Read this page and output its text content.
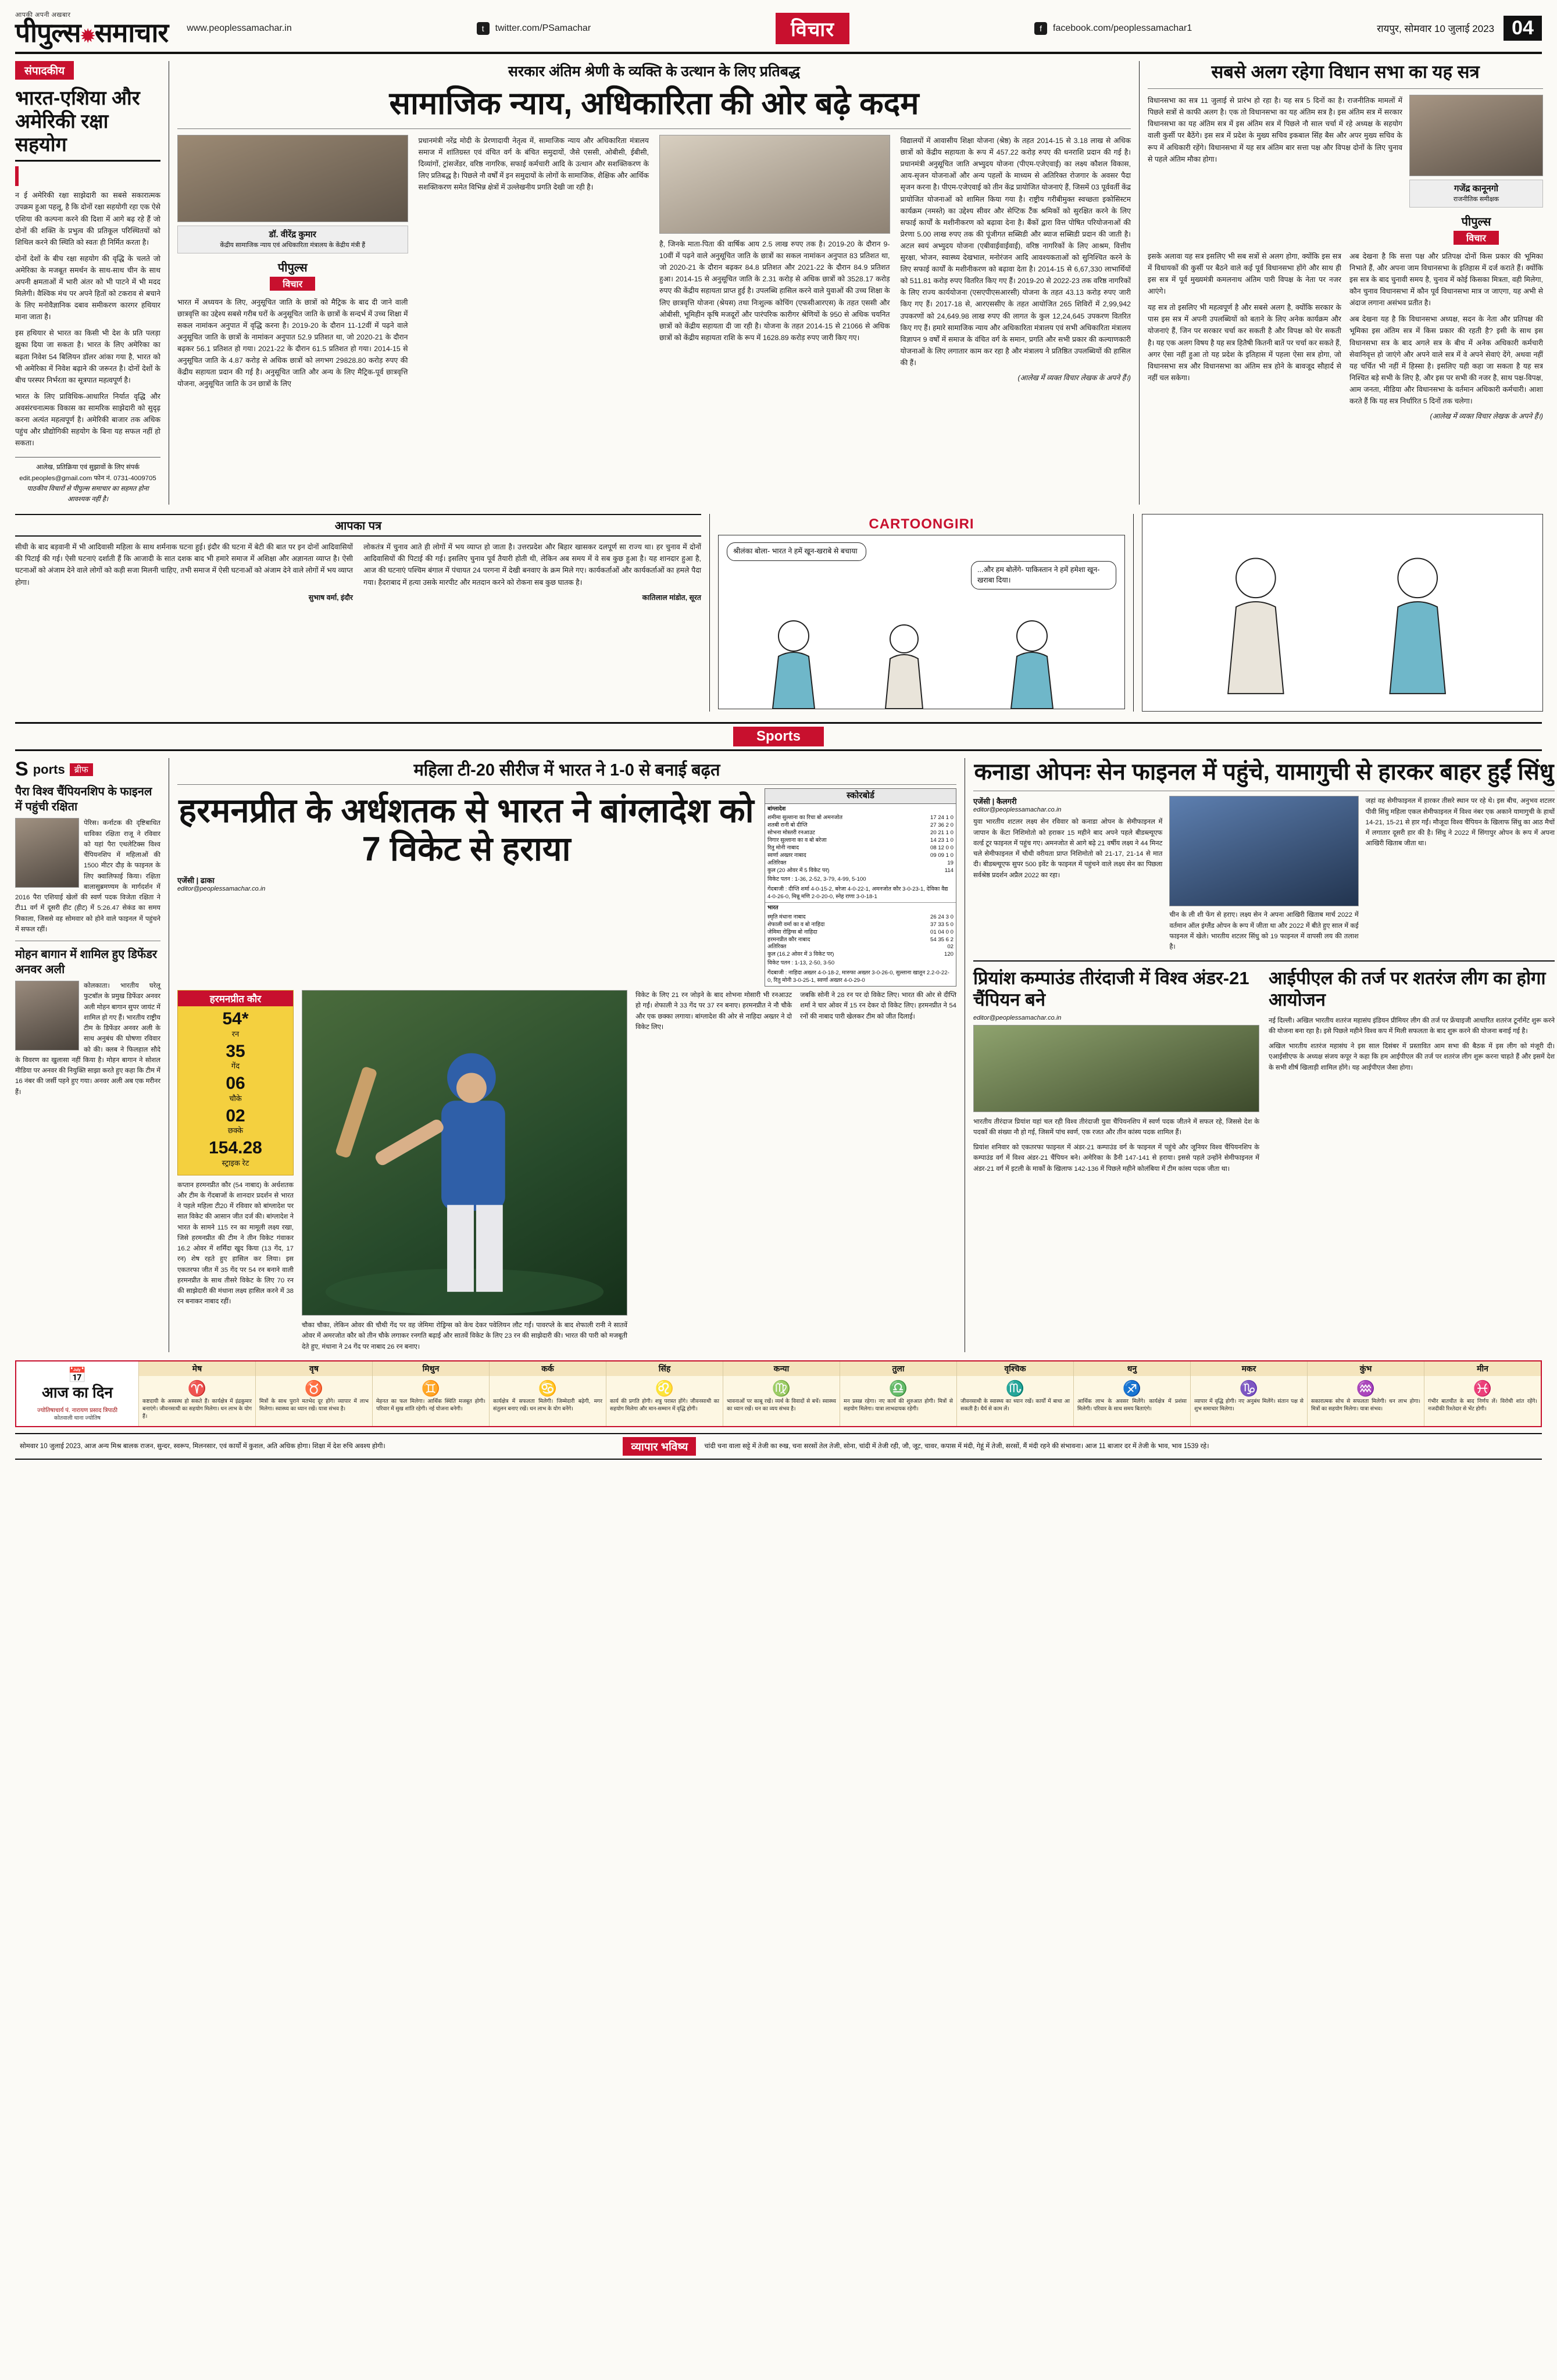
आपकी अपनी अखबार
पीपुल्स✹समाचार www.peoplessamachar.in	t	twitter.com/PSamachar	विचार	f	facebook.com/peoplessamachar1	रायपुर, सोमवार 10 जुलाई 2023 04
संपादकीय
भारत-एशिया और अमेरिकी रक्षा सहयोग
न ई अमेरिकी रक्षा साझेदारी का सबसे सकारात्मक उपक्रम हुआ पहलू, है कि दोनों रक्षा सहयोगी रहा एक ऐसे एशिया की कल्पना करने की दिशा में आगे बढ़ रहे हैं जो दोनों की शक्ति के प्रभुत्व की प्रतिकूल परिस्थितयों को शिथिल करने की स्थिति को स्वतः ही निर्मित करता है।
दोनों देशों के बीच रक्षा सहयोग की वृद्धि के चलते जो अमेरिका के मजबूत समर्थन के साथ-साथ चीन के साथ अपनी क्षमताओं में भारी अंतर को भी पाटने में भी मदद मिलेगी। वैश्विक मंच पर अपने हितों को टकराव से बचाने के लिए मनोवैज्ञानिक दबाव समीकरण कारगर हथियार माना जाता है।
इस हथियार से भारत का किसी भी देश के प्रति पलड़ा झुका दिया जा सकता है। भारत के लिए अमेरिका का बढ़ता निवेश 54 बिलियन डॉलर आंका गया है, भारत को भी अमेरिका में निवेश बढ़ाने की जरूरत है। दोनों देशों के बीच परस्पर निर्भरता का सूत्रपात महत्वपूर्ण है।
भारत के लिए प्राविधिक-आधारित निर्यात वृद्धि और अवसंरचनात्मक विकास का सामरिक साझेदारी को सुदृढ़ करना अत्यंत महत्वपूर्ण है। अमेरिकी बाजार तक अधिक पहुंच और प्रौद्योगिकी सहयोग के बिना यह सफल नहीं हो सकता।
आलेख, प्रतिक्रिया एवं सुझावों के लिए संपर्क
edit.peoples@gmail.com फोन नं. 0731-4009705
पाठकीय विचारों से पीपुल्स समाचार का सहमत होना आवश्यक नहीं है।
सरकार अंतिम श्रेणी के व्यक्ति के उत्थान के लिए प्रतिबद्ध
सामाजिक न्याय, अधिकारिता की ओर बढ़े कदम
डॉ. वीरेंद्र कुमार
केंद्रीय सामाजिक न्याय एवं अधिकारिता मंत्रालय के केंद्रीय मंत्री हैं
पीपुल्स
विचार
भारत में अध्ययन के लिए, अनुसूचित जाति के छात्रों को मैट्रिक के बाद दी जाने वाली छात्रवृत्ति का उद्देश्य सबसे गरीब घरों के अनुसूचित जाति के छात्रों के सन्दर्भ में उच्च शिक्षा में सकल नामांकन अनुपात में वृद्धि करना है। 2019-20 के दौरान 11-12वीं में पढ़ने वाले अनुसूचित जाति के छात्रों के नामांकन अनुपात 52.9 प्रतिशत था, जो 2020-21 के दौरान बढ़कर 56.1 प्रतिशत हो गया। 2021-22 के दौरान 61.5 प्रतिशत हो गया। 2014-15 से अनुसूचित जाति के 4.87 करोड़ से अधिक छात्रों को लगभग 29828.80 करोड़ रुपए की केंद्रीय सहायता प्रदान की गई है। अनुसूचित जाति और अन्य के लिए मैट्रिक-पूर्व छात्रवृत्ति योजना, अनुसूचित जाति के उन छात्रों के लिए
प्रधानमंत्री नरेंद्र मोदी के प्रेरणादायी नेतृत्व में, सामाजिक न्याय और अधिकारिता मंत्रालय समाज में शांतिग्रस्त एवं वंचित वर्ग के बंचित समुदायों, जैसे एससी, ओबीसी, ईबीसी, दिव्यांगों, ट्रांसजेंडर, वरिष्ठ नागरिक, सफाई कर्मचारी आदि के उत्थान और सशक्तिकरण के लिए प्रतिबद्ध है। पिछले नौ वर्षों में इन समुदायों के लोगों के सामाजिक, शैक्षिक और आर्थिक सशक्तिकरण समेत विभिन्न क्षेत्रों में उल्लेखनीय प्रगति देखी जा रही है।
है, जिनके माता-पिता की वार्षिक आय 2.5 लाख रुपए तक है। 2019-20 के दौरान 9-10वीं में पढ़ने वाले अनुसूचित जाति के छात्रों का सकल नामांकन अनुपात 83 प्रतिशत था, जो 2020-21 के दौरान बढ़कर 84.8 प्रतिशत और 2021-22 के दौरान 84.9 प्रतिशत हुआ। 2014-15 से अनुसूचित जाति के 2.31 करोड़ से अधिक छात्रों को 3528.17 करोड़ रुपए की केंद्रीय सहायता प्राप्त हुई है। उपलब्धि हासिल करने वाले युवाओं की उच्च शिक्षा के लिए छात्रवृत्ति योजना (श्रेयस) तथा निःशुल्क कोचिंग (एफसीआरएस) के तहत एससी और ओबीसी, भूमिहीन कृषि मजदूरों और पारंपरिक कारीगर श्रेणियों के 950 से अधिक चयनित छात्रों को केंद्रीय सहायता दी जा रही है। योजना के तहत 2014-15 से 21066 से अधिक छात्रों को केंद्रीय सहायता राशि के रूप में 1628.89 करोड़ रुपए जारी किए गए।
विद्यालयों में आवासीय शिक्षा योजना (श्रेष्ठ) के तहत 2014-15 से 3.18 लाख से अधिक छात्रों को केंद्रीय सहायता के रूप में 457.22 करोड़ रुपए की धनराशि प्रदान की गई है। प्रधानमंत्री अनुसूचित जाति अभ्युदय योजना (पीएम-एजेएवाई) का लक्ष्य कौशल विकास, आय-सृजन योजनाओं और अन्य पहलों के माध्यम से अतिरिक्त रोजगार के अवसर पैदा सृजन करना है। पीएम-एजेएवाई को तीन केंद्र प्रायोजित योजनाएं हैं, जिसमें 03 पूर्ववर्ती केंद्र प्रायोजित योजनाओं को शामिल किया गया है। राष्ट्रीय गरीबीमुक्त स्वच्छता इकोसिस्टम कार्यक्रम (नमस्ते) का उद्देश्य सीवर और सेप्टिक टैंक श्रमिकों को सुरक्षित करने के लिए सफाई कार्यों के मशीनीकरण को बढ़ावा देना है। बैंकों द्वारा वित्त पोषित परियोजनाओं की प्रेरणा 5.00 लाख रुपए तक की पूंजीगत सब्सिडी और ब्याज सब्सिडी प्रदान की जाती है। अटल स्वयं अभ्युदय योजना (एबीवाईवाईवाई), वरिष्ठ नागरिकों के लिए आश्रम, वित्तीय सुरक्षा, भोजन, स्वास्थ्य देखभाल, मनोरंजन आदि आवश्यकताओं को सुनिश्चित करने के लिए सफाई कार्यों के मशीनीकरण को बढ़ावा देता है। 2014-15 से 6,67,330 लाभार्थियों को 511.81 करोड़ रुपए वितरित किए गए हैं। 2019-20 से 2022-23 तक वरिष्ठ नागरिकों के लिए राज्य कार्ययोजना (एसएपीएसआरसी) योजना के तहत 43.13 करोड़ रुपए जारी किए गए हैं। 2017-18 से, आरएससीए के तहत आयोजित 265 शिविरों में 2,99,942 उपकरणों को 24,649.98 लाख रुपए की लागत के कुल 12,24,645 उपकरण वितरित किए गए हैं। हमारे सामाजिक न्याय और अधिकारिता मंत्रालय एवं सभी अधिकारिता मंत्रालय विज्ञापन 9 वर्षों में समाज के वंचित वर्ग के समान, प्रगति और सभी प्रकार की कल्याणकारी योजनाओं के लिए लगातार काम कर रहा है और मंत्रालय ने प्रतिष्ठित उपलब्धियों की हासिल की हैं।
(आलेख में व्यक्त विचार लेखक के अपने हैं।)
सबसे अलग रहेगा विधान सभा का यह सत्र
विधानसभा का सत्र 11 जुलाई से प्रारंभ हो रहा है। यह सत्र 5 दिनों का है। राजनीतिक मामलों में पिछले सत्रों से काफी अलग है। एक तो विधानसभा का यह अंतिम सत्र है। इस अंतिम सत्र में सरकार विधानसभा का यह अंतिम सत्र में इस अंतिम सत्र में पिछले नौ साल चर्चा में रहे अध्यक्ष के सहयोग वाली कुर्सी पर बैठेंगे। इस सत्र में प्रदेश के मुख्य सचिव इकबाल सिंह बैस और अपर मुख्य सचिव के रूप में अधिकारी रहेंगे। विधानसभा में यह सत्र अंतिम बार सत्ता पक्ष और विपक्ष दोनों के लिए चुनाव से पहले अंतिम मौका होगा।
गजेंद्र कानूनगो
राजनीतिक समीक्षक
पीपुल्स
विचार
इसके अलावा यह सत्र इसलिए भी सब सत्रों से अलग होगा, क्योंकि इस सत्र में विधायकों की कुर्सी पर बैठने वाले कई पूर्व विधानसभा होंगे और साथ ही इस सत्र में पूर्व मुख्यमंत्री कमलनाथ अंतिम पारी विपक्ष के नेता पर नजर आएंगे।
यह सत्र तो इसलिए भी महत्वपूर्ण है और सबसे अलग है, क्योंकि सरकार के पास इस सत्र में अपनी उपलब्धियों को बताने के लिए अनेक कार्यक्रम और योजनाएं हैं, जिन पर सरकार चर्चा कर सकती है और विपक्ष को घेर सकती है। यह एक अलग विषय है यह सत्र हितैषी कितनी बातें पर चर्चा कर सकते हैं, अगर ऐसा नहीं हुआ तो यह प्रदेश के इतिहास में पहला ऐसा सत्र होगा, जो विधानसभा सत्र और विधानसभा का अंतिम सत्र होने के बावजूद सौहार्द से नहीं चल सकेगा।
अब देखना है कि सत्ता पक्ष और प्रतिपक्ष दोनों किस प्रकार की भूमिका निभाते हैं, और अपना जाम विधानसभा के इतिहास में दर्ज कराते हैं। क्योंकि इस सत्र के बाद चुनावी समय है, चुनाव में कोई किसका मित्रता, वही मिलेगा, कौन चुनाव विधानसभा में कौन पूर्व विधानसभा मात्र ज जाएगा, यह अभी से अंदाज लगाना असंभव प्रतीत है।
अब देखना यह है कि विधानसभा अध्यक्ष, सदन के नेता और प्रतिपक्ष की भूमिका इस अंतिम सत्र में किस प्रकार की रहती है? इसी के साथ इस विधानसभा सत्र के बाद अगले सत्र के बीच में अनेक अधिकारी कर्मचारी सेवानिवृत्त हो जाएंगे और अपने वाले सत्र में वे अपने सेवाएं देंगे, अथवा नहीं यह चर्चित भी नहीं में हिस्सा है। इसलिए यही कहा जा सकता है यह सत्र निश्चित बड़े सभी के लिए है, और इस पर सभी की नजर है, साथ पक्ष-विपक्ष, आम जनता, मीडिया और विधानसभा के वर्तमान अधिकारी कर्मचारी। आशा करते हैं कि यह सत्र निर्धारित 5 दिनों तक चलेगा।
(आलेख में व्यक्त विचार लेखक के अपने हैं।)
आपका पत्र
सीधी के बाद बड़वानी में भी आदिवासी महिला के साथ शर्मनाक घटना हुई। इंदौर की घटना में बेटी की बात पर इन दोनों आदिवासियों की पिटाई की गई। ऐसी घटनाएं दर्शाती हैं कि आजादी के सात दशक बाद भी हमारे समाज में अशिक्षा और अज्ञानता व्याप्त है। ऐसी घटनाओं को अंजाम देने वाले लोगों को कड़ी सजा मिलनी चाहिए, तभी समाज में ऐसी घटनाओं को अंजाम देने वाले लोगों में भय व्याप्त होगा।
सुभाष वर्मा, इंदौर
लोकतंत्र में चुनाव आते ही लोगों में भय व्याप्त हो जाता है। उत्तरप्रदेश और बिहार खासकर दलपूर्ण सा राज्य था। हर चुनाव में दोनों आदिवासियों की पिटाई की गई। इसलिए चुनाव पूर्व तैयारी होती थी, लेकिन अब समय में वे सब कुछ हुआ है। यह शानदार हुआ है, आज की घटनाएं पश्चिम बंगाल में पंचायत 24 परगना में देखी बनवाए के क्रम मिले गए। कार्यकर्ताओं और कार्यकर्ताओं का हमले पैदा गया। हैदराबाद में हत्या उसके मारपीट और मतदान करने को रोकना सब कुछ घातक है।
कातिलाल मांडोत, सूरत
CARTOONGIRI
श्रीलंका बोला- भारत ने हमें खून-खराबे से बचाया
...और हम बोलेंगे- पाकिस्तान ने हमें हमेशा खून-खराबा दिया।
Sports
S ports	ब्रीफ
पैरा विश्व चैंपियनशिप के फाइनल में पहुंची रक्षिता
पेरिस। कर्नाटक की दृष्टिबाधित धाविका रक्षिता राजू ने रविवार को यहां पैरा एथलेटिक्स विश्व चैंपियनशिप में महिलाओं की 1500 मीटर दौड़ के फाइनल के लिए क्वालिफाई किया। रक्षिता बालासुब्रमण्यम के मार्गदर्शन में 2016 पैरा एशियाई खेलों की स्वर्ण पदक विजेता रक्षिता ने टी11 वर्ग में दूसरी हीट (हीट) में 5:26.47 सेकंड का समय निकाला, जिससे वह सोमवार को होने वाले फाइनल में पहुंचने में सफल रहीं।
मोहन बागान में शामिल हुए डिफेंडर अनवर अली
कोलकाता। भारतीय घरेलू फुटबॉल के प्रमुख डिफेंडर अनवर अली मोहन बागान सुपर जायंट में शामिल हो गए हैं। भारतीय राष्ट्रीय टीम के डिफेंडर अनवर अली के साथ अनुबंध की घोषणा रविवार को की। क्लब ने फिलहाल सौदे के विवरण का खुलासा नहीं किया है। मोहन बागान ने सोशल मीडिया पर अनवर की नियुक्ति साझा करते हुए कहा कि टीम में 16 नंबर की जर्सी पहने हुए गया। अनवर अली अब एक मरीनर हैं।
महिला टी-20 सीरीज में भारत ने 1-0 से बनाई बढ़त
हरमनप्रीत के अर्धशतक से भारत ने बांग्लादेश को 7 विकेट से हराया
एजेंसी | ढाका
editor@peoplessamachar.co.in
स्कोरबोर्ड
बांग्लादेश
शमीमा सुल्ताना का रिचा बो अमनजोत	17 24 1 0
शतबी रानी बो दीप्ति	27 36 2 0
सोभना मोस्तरी रनआउट	20 21 1 0
निगार सुल्ताना का व बो बरेजा	14 23 1 0
रितु मोनी नाबाद	08 12 0 0
स्वर्णा अख्तर नाबाद	09 09 1 0
अतिरिक्त	19
कुल (20 ओवर में 5 विकेट पर)	114
विकेट पतन : 1-36, 2-52, 3-79, 4-99, 5-100
गेंदबाजी : दीप्ति शर्मा 4-0-15-2, बरेजा 4-0-22-1, अमनजोत कौर 3-0-23-1, देविका वैद्य 4-0-26-0, मिन्नू मणि 2-0-20-0, स्नेह राणा 3-0-18-1
भारत
स्मृति मंधाना नाबाद	26 24 3 0
शेफाली वर्मा का व बो नाहिदा	37 33 5 0
जेमिमा रोड्रिग्स बो नाहिदा	01 04 0 0
हरमनप्रीत कौर नाबाद	54 35 6 2
अतिरिक्त	02
कुल (16.2 ओवर में 3 विकेट पर)	120
विकेट पतन : 1-13, 2-50, 3-50
गेंदबाजी : नाहिदा अख्तर 4-0-18-2, मारुफा अख्तर 3-0-26-0, सुल्ताना खातून 2.2-0-22-0, रितु मोनी 3-0-25-1, स्वर्णा अख्तर 4-0-29-0
हरमनप्रीत कौर
54*
रन
35
गेंद
06
चौके
02
छक्के
154.28
स्ट्राइक रेट
कप्तान हरमनप्रीत कौर (54 नाबाद) के अर्धशतक और टीम के गेंदबाजों के शानदार प्रदर्शन से भारत ने पहले महिला टी20 में रविवार को बांग्लादेश पर सात विकेट की आसान जीत दर्ज की। बांग्लादेश ने भारत के सामने 115 रन का मामूली लक्ष्य रखा, जिसे हरमनप्रीत की टीम ने तीन विकेट गंवाकर 16.2 ओवर में शर्मिंदा खुद किया (13 गेंद, 17 रन) शेष रहते हुए हासिल कर लिया। इस एकतरफा जीत में 35 गेंद पर 54 रन बनाने वाली हरमनप्रीत के साथ तीसरे विकेट के लिए 70 रन की साझेदारी की मंधाना लक्ष्य हासिल करने में 38 रन बनाकर नाबाद रहीं।
चौका चौका, लेकिन ओवर की चौथी गेंद पर वह जेमिमा रोड्रिग्स को केच देकर पवेलियन लौट गईं। पावरप्ले के बाद शेफाली रानी ने सातवें ओवर में अमरजोत कौर को तीन चौके लगाकर रनगति बढ़ाई और सातवें विकेट के लिए 23 रन की साझेदारी की। भारत की पारी को मजबूती देते हुए, मंधाना ने 24 गेंद पर नाबाद 26 रन बनाए।
विकेट के लिए 21 रन जोड़ने के बाद शोभना मोसारी भी रनआउट हो गईं। शेफाली ने 33 गेंद पर 37 रन बनाए। हरमनप्रीत ने नौ चौके और एक छक्का लगाया। बांग्लादेश की ओर से नाहिदा अख्तर ने दो विकेट लिए।
जबकि सोनी ने 28 रन पर दो विकेट लिए। भारत की ओर से दीप्ति शर्मा ने चार ओवर में 15 रन देकर दो विकेट लिए। हरमनप्रीत ने 54 रनों की नाबाद पारी खेलकर टीम को जीत दिलाई।
कनाडा ओपनः सेन फाइनल में पहुंचे, यामागुची से हारकर बाहर हुईं सिंधु
एजेंसी | कैलगरी
editor@peoplessamachar.co.in
युवा भारतीय शटलर लक्ष्य सेन रविवार को कनाडा ओपन के सेमीफाइनल में जापान के केंटा निशिमोतो को हराकर 15 महीने बाद अपने पहले बीडब्ल्यूएफ वर्ल्ड टूर फाइनल में पहुंच गए। अमनजोत से आगे बढ़े 21 वर्षीय लक्ष्य ने 44 मिनट चले सेमीफाइनल में चौथी वरीयता प्राप्त निशिमोतो को 21-17, 21-14 से मात दी। बीडब्ल्यूएफ सुपर 500 इवेंट के फाइनल में पहुंचने वाले लक्ष्य सेन का पिछला सर्वश्रेष्ठ प्रदर्शन अप्रैल 2022 का रहा।
चीन के ली शी फेंग से हराए। लक्ष्य सेन ने अपना आखिरी खिताब मार्च 2022 में वर्तमान ऑल इंग्लैंड ओपन के रूप में जीता था और 2022 में बीते हुए साल में कई फाइनल में खेले। भारतीय शटलर सिंधु को 19 फाइनल में वापसी लय की तलाश है।
जहां वह सेमीफाइनल में हारकर तीसरे स्थान पर रहे थे। इस बीच, अनुभव शटलर पीवी सिंधु महिला एकल सेमीफाइनल में विश्व नंबर एक अकाने यामागुची के हाथों 14-21, 15-21 से हार गईं। मौजूदा विश्व चैंपियन के खिलाफ सिंधु का आठ मैचों में लगातार दूसरी हार की है। सिंधु ने 2022 में सिंगापुर ओपन के रूप में अपना आखिरी खिताब जीता था।
प्रियांश कम्पाउंड तीरंदाजी में विश्व अंडर-21 चैंपियन बने
editor@peoplessamachar.co.in
भारतीय तीरंदाज प्रियांश यहां चल रही विश्व तीरंदाजी युवा चैंपियनशिप में स्वर्ण पदक जीतने में सफल रहे, जिससे देश के पदकों की संख्या नौ हो गई, जिसमें पांच स्वर्ण, एक रजत और तीन कांस्य पदक शामिल हैं।
प्रियांश शनिवार को एकतरफा फाइनल में अंडर-21 कम्पाउंड वर्ग के फाइनल में पहुंचे और जूनियर विश्व चैंपियनशिप के कम्पाउंड वर्ग में विश्व अंडर-21 चैंपियन बने। अमेरिका के डैनी 147-141 से हराया। इससे पहले उन्होंने सेमीफाइनल में अंडर-21 वर्ग में इटली के मार्को के खिलाफ 142-136 में पिछले महीने कोलंबिया में टीम कांस्य पदक जीता था।
आईपीएल की तर्ज पर शतरंज लीग का होगा आयोजन
नई दिल्ली। अखिल भारतीय शतरंज महासंघ इंडियन प्रीमियर लीग की तर्ज पर फ्रेंचाइजी आधारित शतरंज टूर्नामेंट शुरू करने की योजना बना रहा है। इसे पिछले महीने विश्व कप में मिली सफलता के बाद शुरू करने की योजना बनाई गई है।
अखिल भारतीय शतरंज महासंघ ने इस साल दिसंबर में प्रस्तावित आम सभा की बैठक में इस लीग को मंजूरी दी। एआईसीएफ के अध्यक्ष संजय कपूर ने कहा कि हम आईपीएल की तर्ज पर शतरंज लीग शुरू करना चाहते हैं और इसमें देश के सभी शीर्ष खिलाड़ी शामिल होंगे। यह आईपीएल जैसा होगा।
📅
आज का दिन
ज्योतिषाचार्य पं. नारायण प्रसाद त्रिपाठी
कोतवाली थाना ज्योतिष
मेष
♈
कष्टदायी के अस्वस्थ हो सकते हैं। कार्यक्षेत्र में इंद्रकुमार बनाएंगे। जीवनसाथी का सहयोग मिलेगा। धन लाभ के योग हैं।
वृष
♉
मित्रों के साथ पुराने मतभेद दूर होंगे। व्यापार में लाभ मिलेगा। स्वास्थ्य का ध्यान रखें। यात्रा संभव है।
मिथुन
♊
मेहनत का फल मिलेगा। आर्थिक स्थिति मजबूत होगी। परिवार में सुख शांति रहेगी। नई योजना बनेगी।
कर्क
♋
कार्यक्षेत्र में सफलता मिलेगी। जिम्मेदारी बढ़ेगी, मगर संतुलन बनाए रखें। धन लाभ के योग बनेंगे।
सिंह
♌
कार्य की प्रगति होगी। शत्रु परास्त होंगे। जीवनसाथी का सहयोग मिलेगा और मान-सम्मान में वृद्धि होगी।
कन्या
♍
भावनाओं पर काबू रखें। व्यर्थ के विवादों से बचें। स्वास्थ्य का ध्यान रखें। धन का व्यय संभव है।
तुला
♎
मन प्रसन्न रहेगा। नए कार्य की शुरुआत होगी। मित्रों से सहयोग मिलेगा। यात्रा लाभदायक रहेगी।
वृश्चिक
♏
जीवनसाथी के स्वास्थ्य का ध्यान रखें। कार्यों में बाधा आ सकती है। धैर्य से काम लें।
धनु
♐
आर्थिक लाभ के अवसर मिलेंगे। कार्यक्षेत्र में प्रशंसा मिलेगी। परिवार के साथ समय बिताएंगे।
मकर
♑
व्यापार में वृद्धि होगी। नए अनुबंध मिलेंगे। संतान पक्ष से शुभ समाचार मिलेगा।
कुंभ
♒
सकारात्मक सोच से सफलता मिलेगी। धन लाभ होगा। मित्रों का सहयोग मिलेगा। यात्रा संभव।
मीन
♓
गंभीर बातचीत के बाद निर्णय लें। विरोधी शांत रहेंगे। नजदीकी रिश्तेदार से भेंट होगी।
सोमवार 10 जुलाई 2023, आज अन्य मिश्र बालक राजन, सुन्दर, स्वरूप, मिलनसार, एवं कार्यों में कुशल, अति अधिक होगा। शिक्षा में देश रुचि अवश्य होगी।	व्यापार भविष्य	चांदी चना वाला सट्टे में तेजी का रुख, चना सरसों तेल तेजी, सोना, चांदी में तेजी रही, जौ, जूट, चावर, कपास में मंदी, गेहूं में तेजी, सरसों, मैं मंदी रहने की संभावना। आज 11 बाजार दर में तेजी के भाव, भाव 1539 रहे।
